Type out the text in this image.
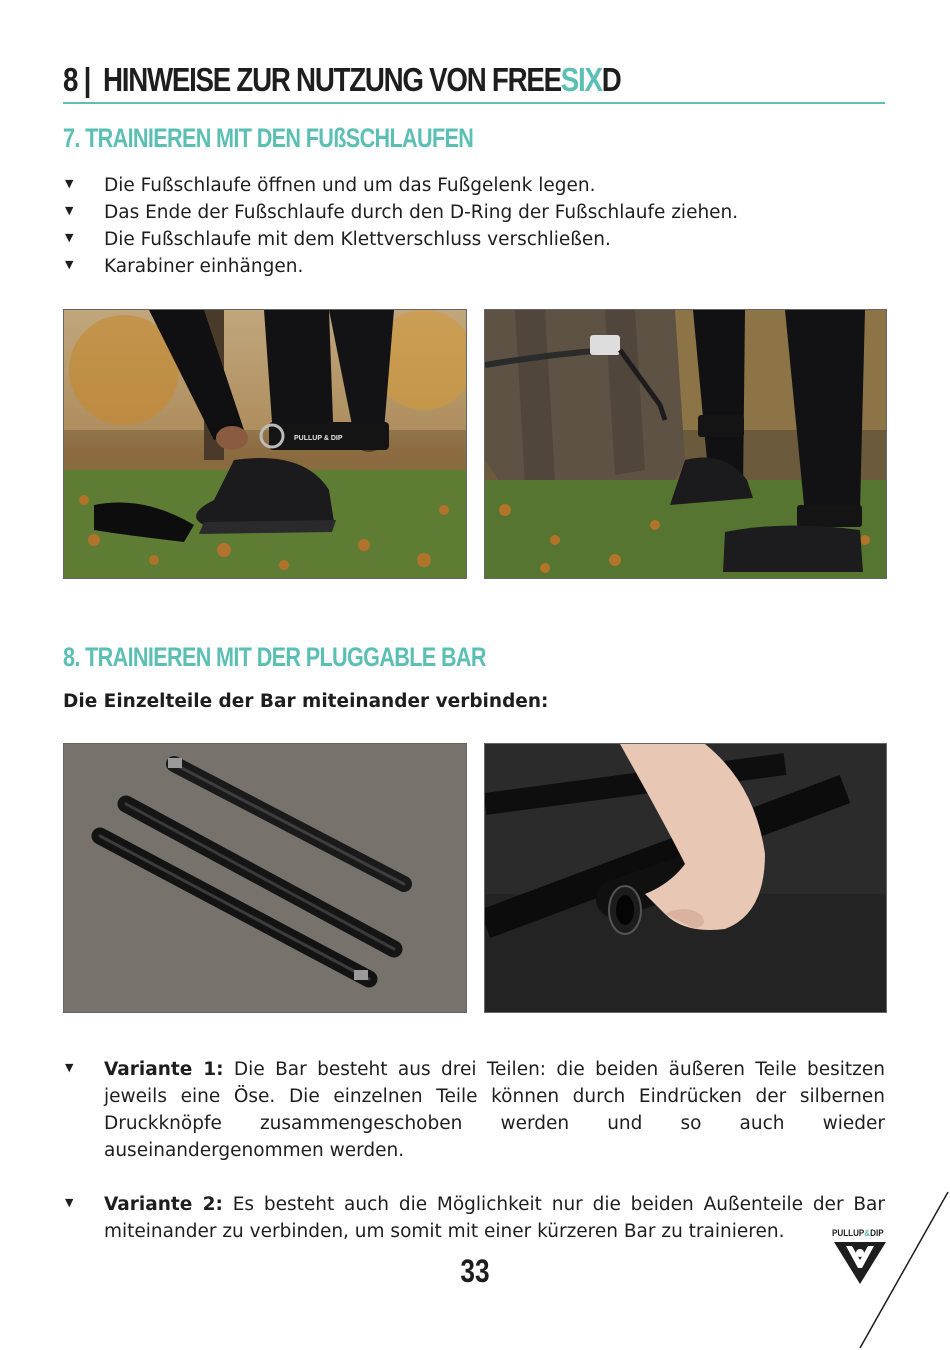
8 | HINWEISE ZUR NUTZUNG VON FREESIXD
7. TRAINIEREN MIT DEN FUßSCHLAUFEN
▼ Die Fußschlaufe öffnen und um das Fußgelenk legen.
▼ Das Ende der Fußschlaufe durch den D-Ring der Fußschlaufe ziehen.
▼ Die Fußschlaufe mit dem Klettverschluss verschließen.
▼ Karabiner einhängen.
PULLUP & DIP
8. TRAINIEREN MIT DER PLUGGABLE BAR
Die Einzelteile der Bar miteinander verbinden:
▼ Variante 1: Die Bar besteht aus drei Teilen: die beiden äußeren Teile besitzen jeweils eine Öse. Die einzelnen Teile können durch Eindrücken der silbernen Druckknöpfe zusammengeschoben werden und so auch wieder auseinandergenommen werden.
▼ Variante 2: Es besteht auch die Möglichkeit nur die beiden Außenteile der Bar miteinander zu verbinden, um somit mit einer kürzeren Bar zu trainieren.
33
PULLUP&DIP
